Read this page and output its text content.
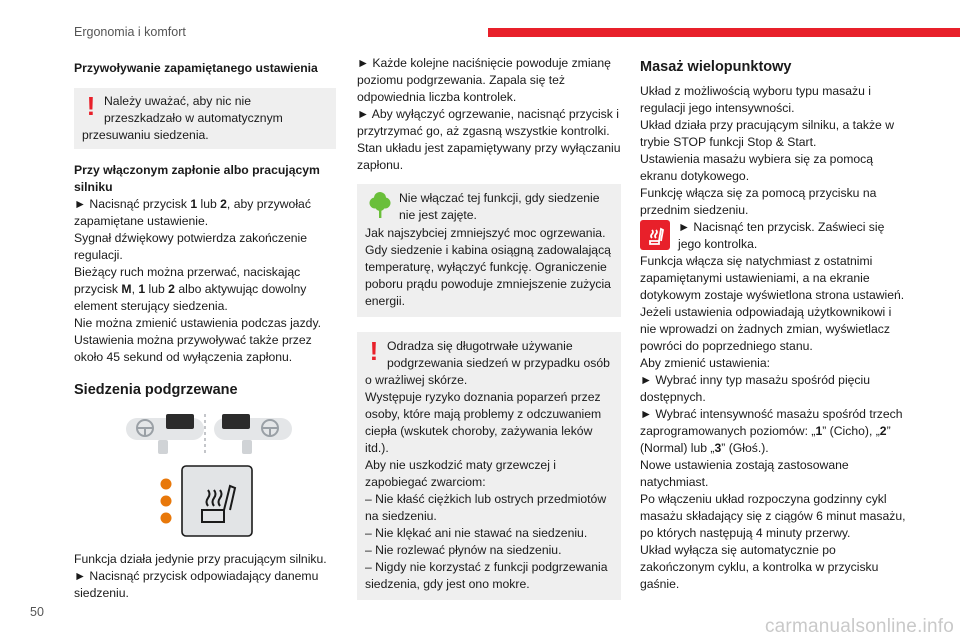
Ergonomia i komfort

Przywoływanie zapamiętanego ustawienia

! Należy uważać, aby nic nie
przeszkadzało w automatycznym
przesuwaniu siedzenia.

Przy włączonym zapłonie albo pracującym silniku

► Nacisnąć przycisk 1 lub 2, aby przywołać zapamiętane ustawienie.

Sygnał dźwiękowy potwierdza zakończenie regulacji.

Bieżący ruch można przerwać, naciskając przycisk M, 1 lub 2 albo aktywując dowolny element sterujący siedzenia.

Nie można zmienić ustawienia podczas jazdy.

Ustawienia można przywoływać także przez około 45 sekund od wyłączenia zapłonu.

Siedzenia podgrzewane

Funkcja działa jedynie przy pracującym silniku.

► Nacisnąć przycisk odpowiadający danemu siedzeniu.

► Każde kolejne naciśnięcie powoduje zmianę poziomu podgrzewania. Zapala się też odpowiednia liczba kontrolek.

► Aby wyłączyć ogrzewanie, nacisnąć przycisk i przytrzymać go, aż zgasną wszystkie kontrolki.

Stan układu jest zapamiętywany przy wyłączaniu zapłonu.

Nie włączać tej funkcji, gdy siedzenie
nie jest zajęte.
Jak najszybciej zmniejszyć moc ogrzewania. Gdy siedzenie i kabina osiągną zadowalającą temperaturę, wyłączyć funkcję. Ograniczenie poboru prądu powoduje zmniejszenie zużycia energii.
! Odradza się długotrwałe używanie podgrzewania siedzeń w przypadku osób o wrażliwej skórze.
Występuje ryzyko doznania poparzeń przez osoby, które mają problemy z odczuwaniem ciepła (wskutek choroby, zażywania leków itd.).
Aby nie uszkodzić maty grzewczej i zapobiegać zwarciom:
– Nie kłaść ciężkich lub ostrych przedmiotów na siedzeniu.
– Nie klękać ani nie stawać na siedzeniu.
– Nie rozlewać płynów na siedzeniu.
– Nigdy nie korzystać z funkcji podgrzewania siedzenia, gdy jest ono mokre.

Masaż wielopunktowy

Układ z możliwością wyboru typu masażu i regulacji jego intensywności.

Układ działa przy pracującym silniku, a także w trybie STOP funkcji Stop & Start.

Ustawienia masażu wybiera się za pomocą ekranu dotykowego.

Funkcję włącza się za pomocą przycisku na przednim siedzeniu.

► Nacisnąć ten przycisk. Zaświeci się jego kontrolka.

Funkcja włącza się natychmiast z ostatnimi zapamiętanymi ustawieniami, a na ekranie dotykowym zostaje wyświetlona strona ustawień.

Jeżeli ustawienia odpowiadają użytkownikowi i nie wprowadzi on żadnych zmian, wyświetlacz powróci do poprzedniego stanu.

Aby zmienić ustawienia:

► Wybrać inny typ masażu spośród pięciu dostępnych.

► Wybrać intensywność masażu spośród trzech zaprogramowanych poziomów: „1” (Cicho), „2” (Normal) lub „3” (Głoś.).

Nowe ustawienia zostają zastosowane natychmiast.

Po włączeniu układ rozpoczyna godzinny cykl masażu składający się z ciągów 6 minut masażu, po których następują 4 minuty przerwy.

Układ wyłącza się automatycznie po zakończonym cyklu, a kontrolka w przycisku gaśnie.

50
carmanualsonline.info
